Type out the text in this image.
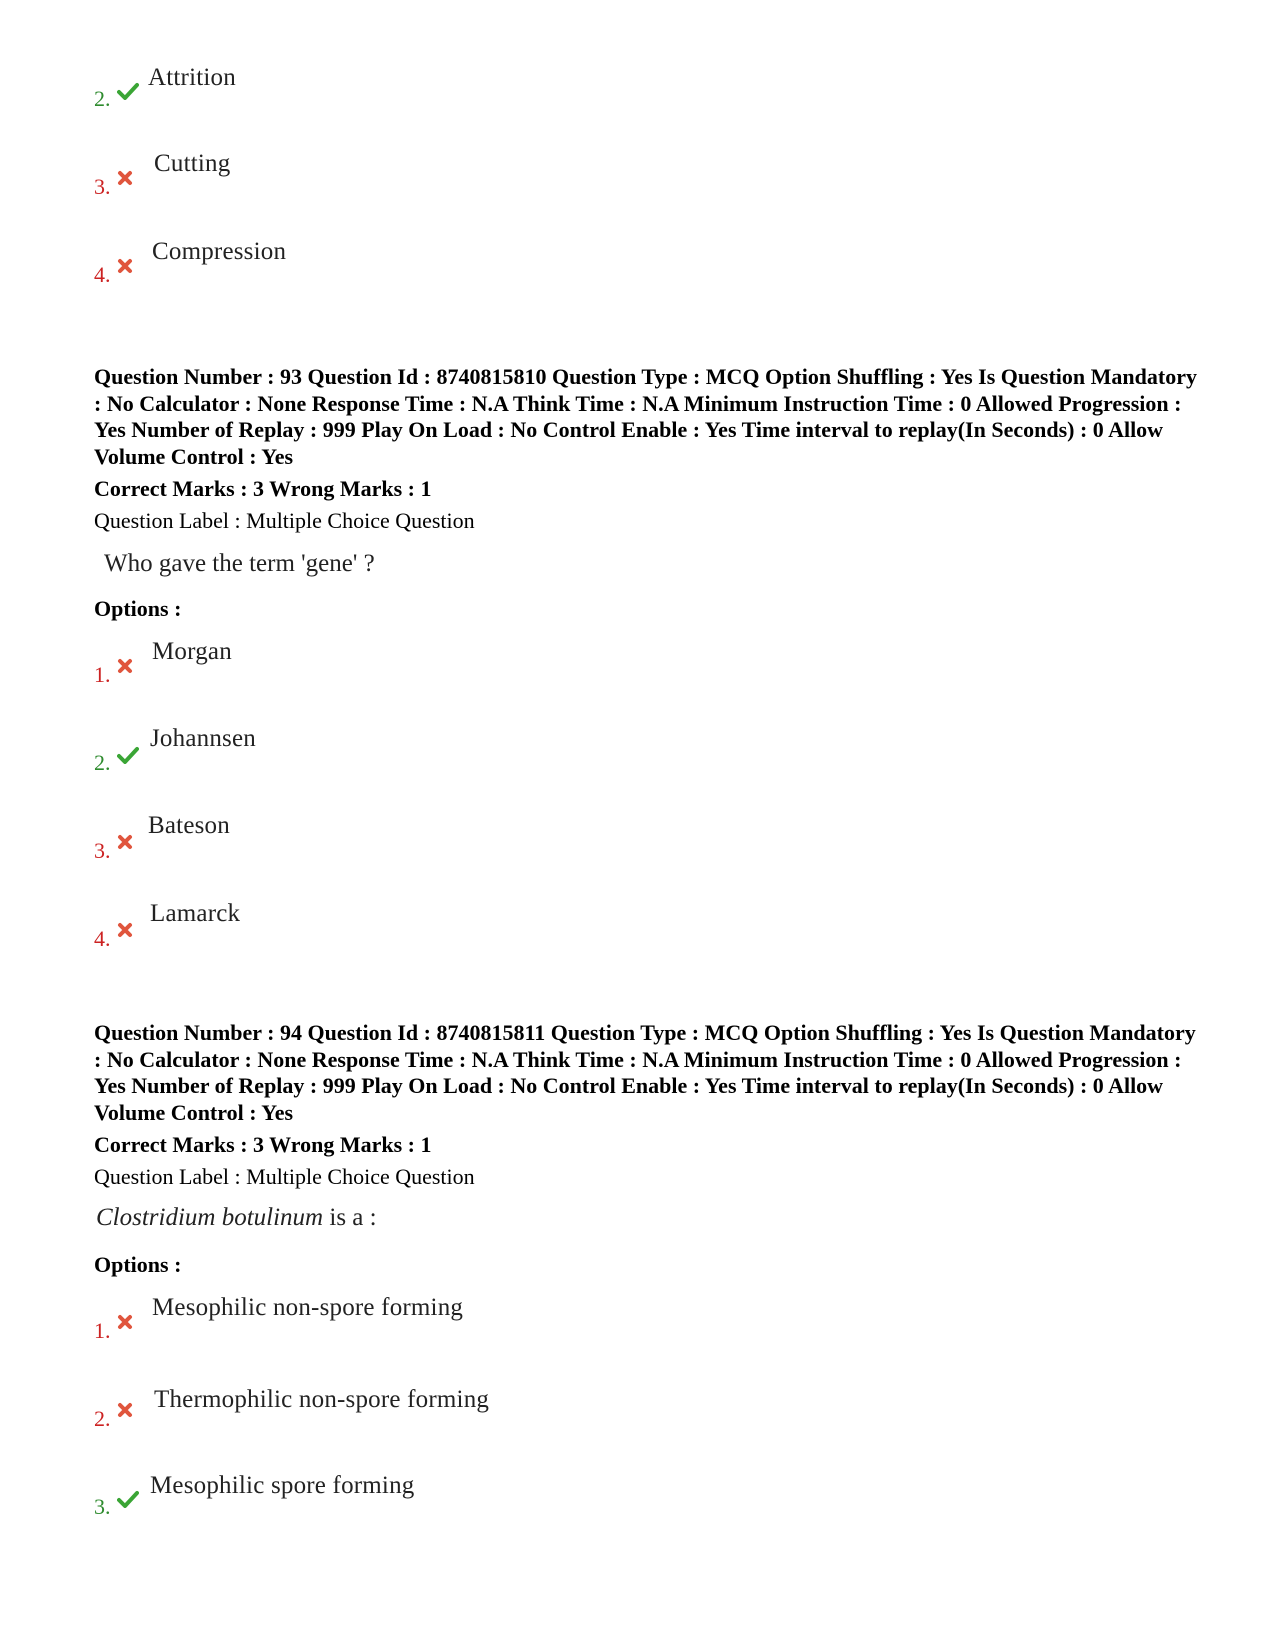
2.
Attrition
3.
Cutting
4.
Compression
Question Number : 93 Question Id : 8740815810 Question Type : MCQ Option Shuffling : Yes Is Question Mandatory : No Calculator : None Response Time : N.A Think Time : N.A Minimum Instruction Time : 0 Allowed Progression : Yes Number of Replay : 999 Play On Load : No Control Enable : Yes Time interval to replay(In Seconds) : 0 Allow Volume Control : Yes
Correct Marks : 3 Wrong Marks : 1
Question Label : Multiple Choice Question
Who gave the term 'gene' ?
Options :
1.
Morgan
2.
Johannsen
3.
Bateson
4.
Lamarck
Question Number : 94 Question Id : 8740815811 Question Type : MCQ Option Shuffling : Yes Is Question Mandatory : No Calculator : None Response Time : N.A Think Time : N.A Minimum Instruction Time : 0 Allowed Progression : Yes Number of Replay : 999 Play On Load : No Control Enable : Yes Time interval to replay(In Seconds) : 0 Allow Volume Control : Yes
Correct Marks : 3 Wrong Marks : 1
Question Label : Multiple Choice Question
Clostridium botulinum is a :
Options :
1.
Mesophilic non-spore forming
2.
Thermophilic non-spore forming
3.
Mesophilic spore forming
